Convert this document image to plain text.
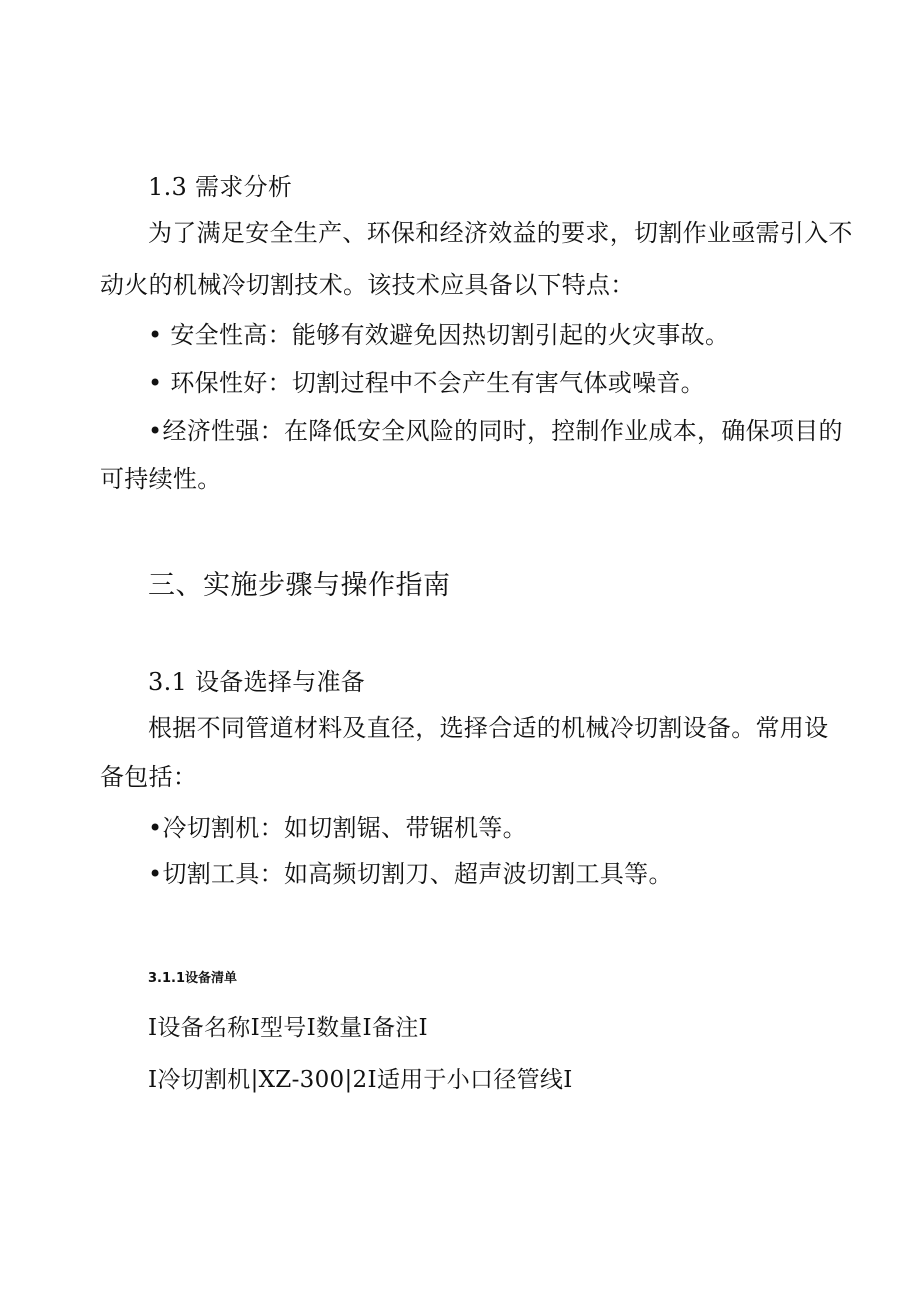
1.3 需求分析
为了满足安全生产、环保和经济效益的要求，切割作业亟需引入不
动火的机械冷切割技术。该技术应具备以下特点：
• 安全性高：能够有效避免因热切割引起的火灾事故。
• 环保性好：切割过程中不会产生有害气体或噪音。
•经济性强：在降低安全风险的同时，控制作业成本，确保项目的
可持续性。
三、实施步骤与操作指南
3.1 设备选择与准备
根据不同管道材料及直径，选择合适的机械冷切割设备。常用设
备包括：
•冷切割机：如切割锯、带锯机等。
•切割工具：如高频切割刀、超声波切割工具等。
3.1.1设备清单
I设备名称I型号I数量I备注I
I冷切割机|XZ-300|2I适用于小口径管线I
